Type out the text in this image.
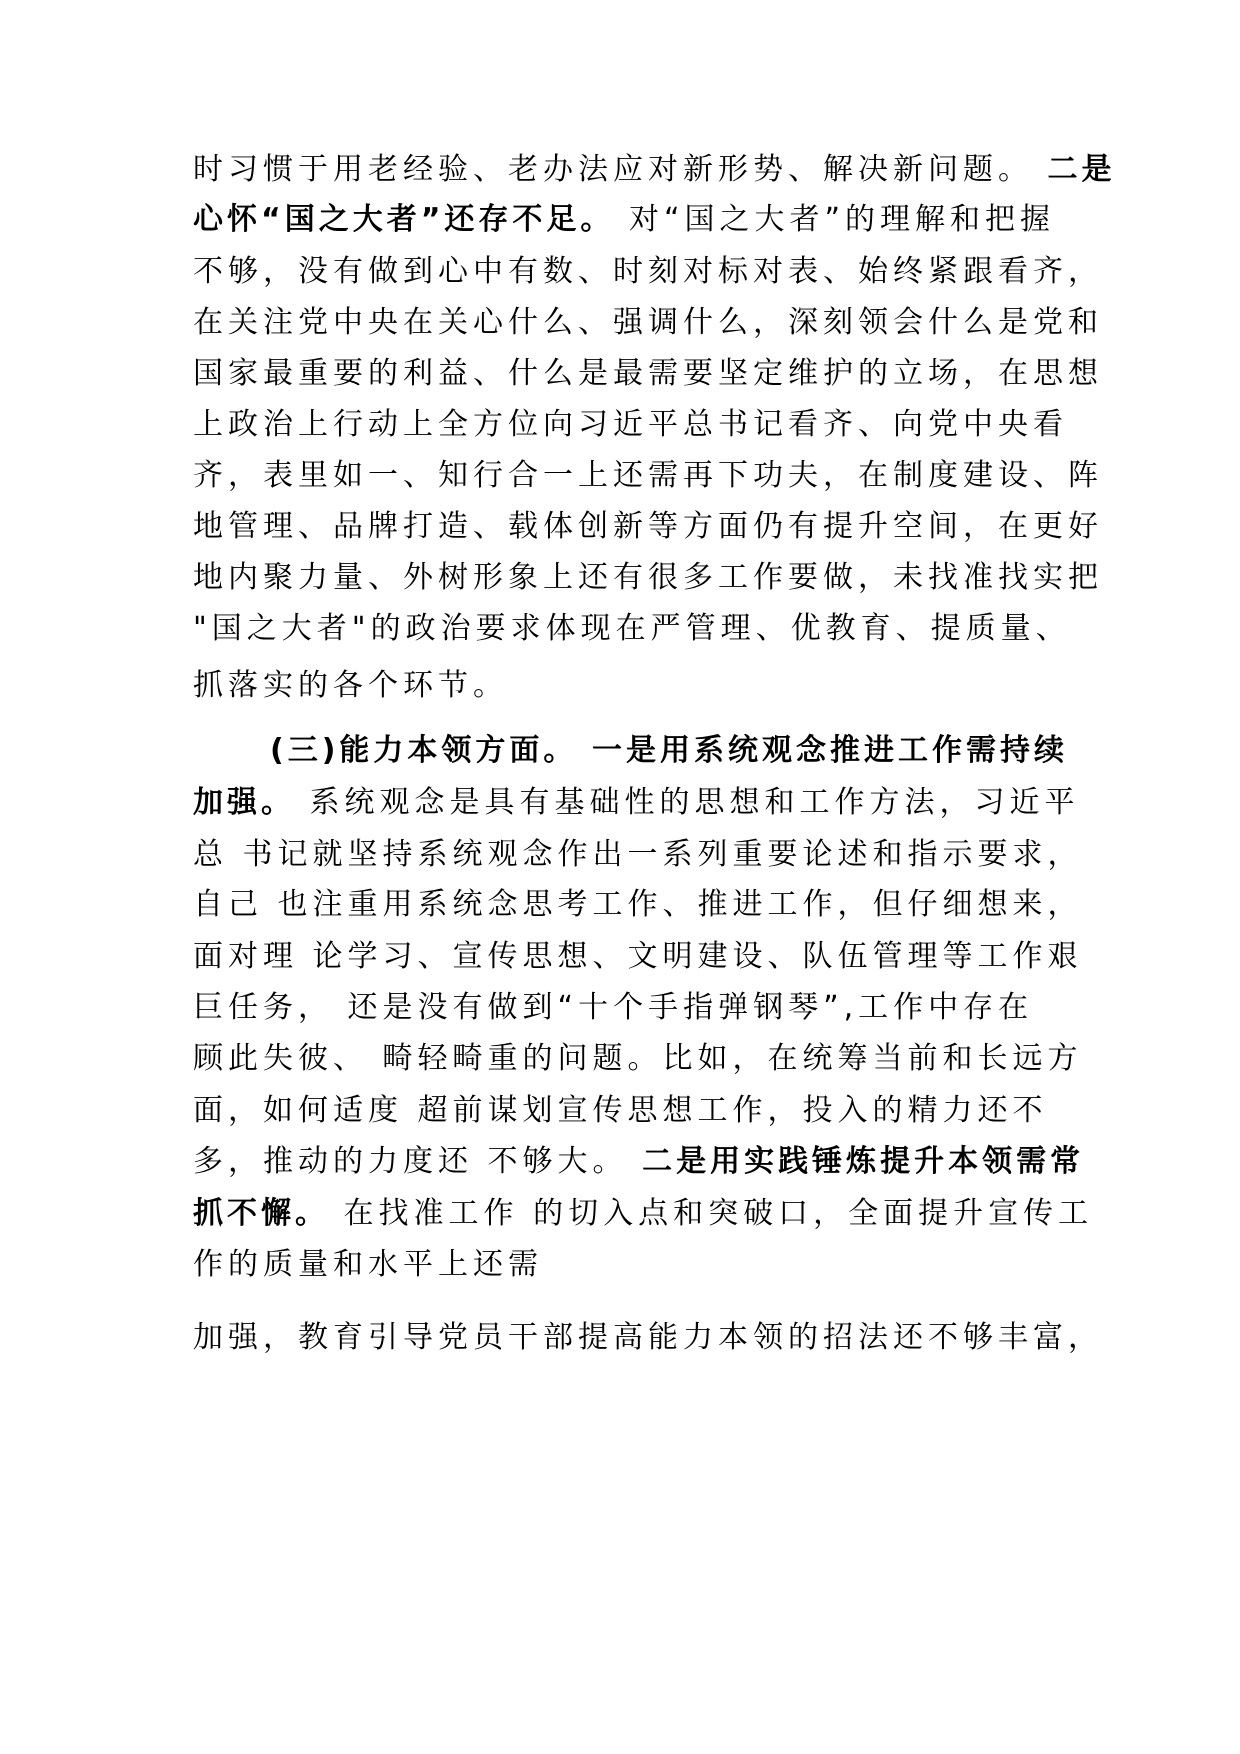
时习惯于用老经验、老办法应对新形势、解决新问题。 二是
心怀“国之大者”还存不足。 对“国之大者”的理解和把握
不够，没有做到心中有数、时刻对标对表、始终紧跟看齐，
在关注党中央在关心什么、强调什么，深刻领会什么是党和
国家最重要的利益、什么是最需要坚定维护的立场，在思想
上政治上行动上全方位向习近平总书记看齐、向党中央看
齐，表里如一、知行合一上还需再下功夫，在制度建设、阵
地管理、品牌打造、载体创新等方面仍有提升空间，在更好
地内聚力量、外树形象上还有很多工作要做，未找准找实把
"国之大者"的政治要求体现在严管理、优教育、提质量、
抓落实的各个环节。
(三)能力本领方面。 一是用系统观念推进工作需持续
加强。 系统观念是具有基础性的思想和工作方法，习近平
总 书记就坚持系统观念作出一系列重要论述和指示要求，
自己 也注重用系统念思考工作、推进工作，但仔细想来，
面对理 论学习、宣传思想、文明建设、队伍管理等工作艰
巨任务， 还是没有做到“十个手指弹钢琴”,工作中存在
顾此失彼、 畸轻畸重的问题。比如，在统筹当前和长远方
面，如何适度 超前谋划宣传思想工作，投入的精力还不
多，推动的力度还 不够大。 二是用实践锤炼提升本领需常
抓不懈。 在找准工作 的切入点和突破口，全面提升宣传工
作的质量和水平上还需
加强，教育引导党员干部提高能力本领的招法还不够丰富，
